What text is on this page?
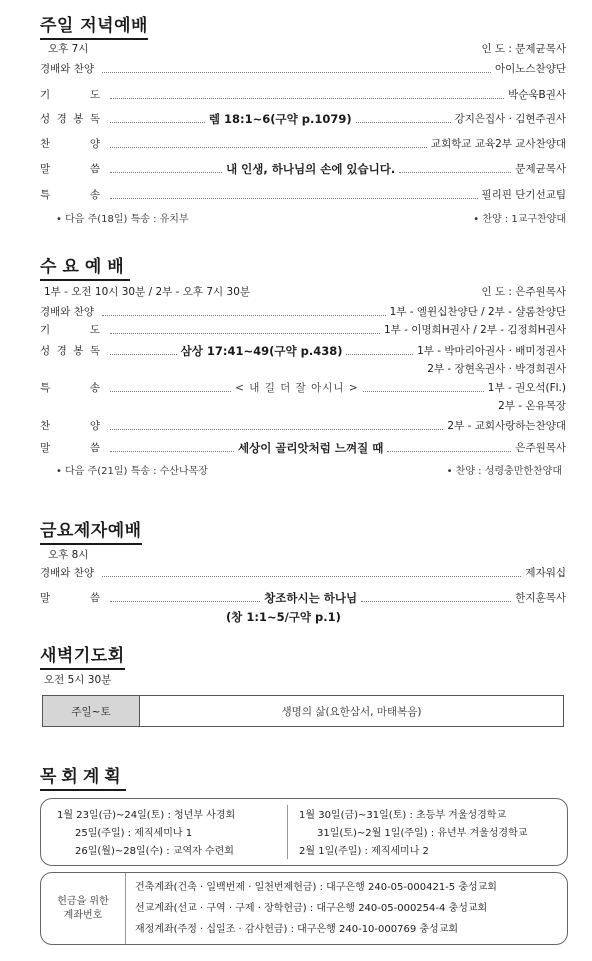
주일 저녁예배
오후 7시	인 도 : 문제균목사
경배와 찬양	아이노스찬양단
기	도	박순욱B권사
성 경 봉 독	렘 18:1~6(구약 p.1079)	강지은집사 · 김현주권사
찬	양	교회학교 교육2부 교사찬양대
말	씀	내 인생, 하나님의 손에 있습니다.	문제균목사
특	송	필리핀 단기선교팀
• 다음 주(18일) 특송 : 유치부	• 찬양 : 1교구찬양대
수요예배
1부 - 오전 10시 30분 / 2부 - 오후 7시 30분	인 도 : 은주원목사
경배와 찬양	1부 - 엘윈십찬양단 / 2부 - 샬롬찬양단
기	도	1부 - 이명희H권사 / 2부 - 김정희H권사
성 경 봉 독	삼상 17:41~49(구약 p.438)	1부 - 박마리아권사 · 배미정권사
2부 - 장현옥권사 · 박경희권사
특	송	< 내 길 더 잘 아시니 >	1부 - 권오석(Fl.)
2부 - 온유목장
찬	양	2부 - 교회사랑하는찬양대
말	씀	세상이 골리앗처럼 느껴질 때	은주원목사
• 다음 주(21일) 특송 : 수산나목장	• 찬양 : 성령충만한찬양대
금요제자예배
오후 8시
경배와 찬양	제자워십
말	씀	창조하시는 하나님	한지훈목사
(창 1:1~5/구약 p.1)
새벽기도회
오전 5시 30분
주일~토	생명의 삶(요한삼서, 마태복음)
목회계획
1월 23일(금)~24일(토) : 청년부 사경회
25일(주일) : 제직세미나 1
26일(월)~28일(수) : 교역자 수련회
1월 30일(금)~31일(토) : 초등부 겨울성경학교
31일(토)~2월 1일(주일) : 유년부 겨울성경학교
2월 1일(주일) : 제직세미나 2
헌금을 위한
계좌번호
건축계좌(건축 · 일백번제 · 일천번제헌금) : 대구은행 240-05-000421-5 충성교회
선교계좌(선교 · 구역 · 구제 · 장학헌금) : 대구은행 240-05-000254-4 충성교회
재정계좌(주정 · 십일조 · 감사헌금) : 대구은행 240-10-000769 충성교회
